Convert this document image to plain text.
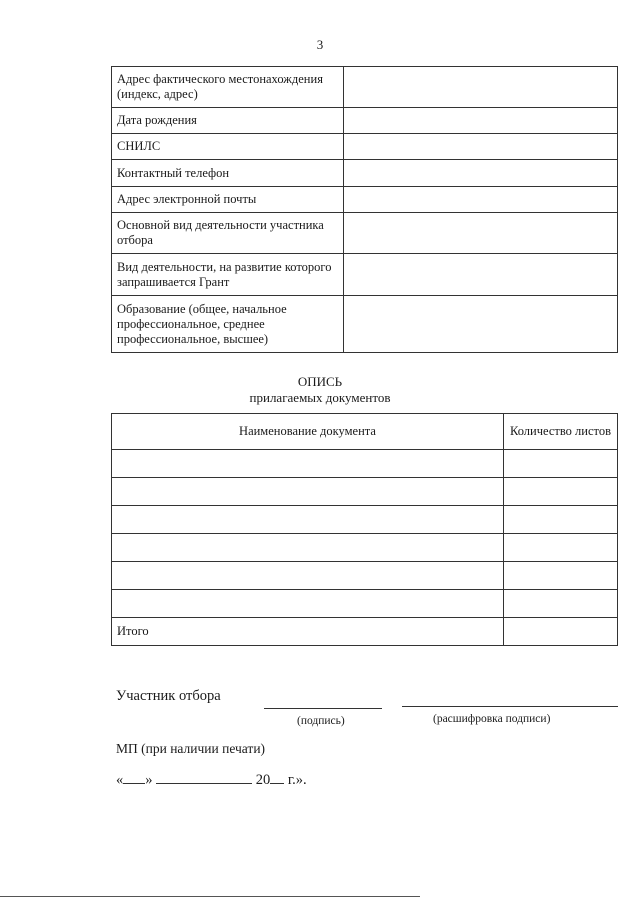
3
Адрес фактического местонахождения (индекс, адрес)	
Дата рождения	
СНИЛС	
Контактный телефон	
Адрес электронной почты	
Основной вид деятельности участника отбора	
Вид деятельности, на развитие которого запрашивается Грант	
Образование (общее, начальное профессиональное, среднее профессиональное, высшее)	
ОПИСЬ
прилагаемых документов
Наименование документа	Количество листов

Итого	
Участник отбора
(подпись)	(расшифровка подписи)
МП (при наличии печати)
« »	20 г.».
